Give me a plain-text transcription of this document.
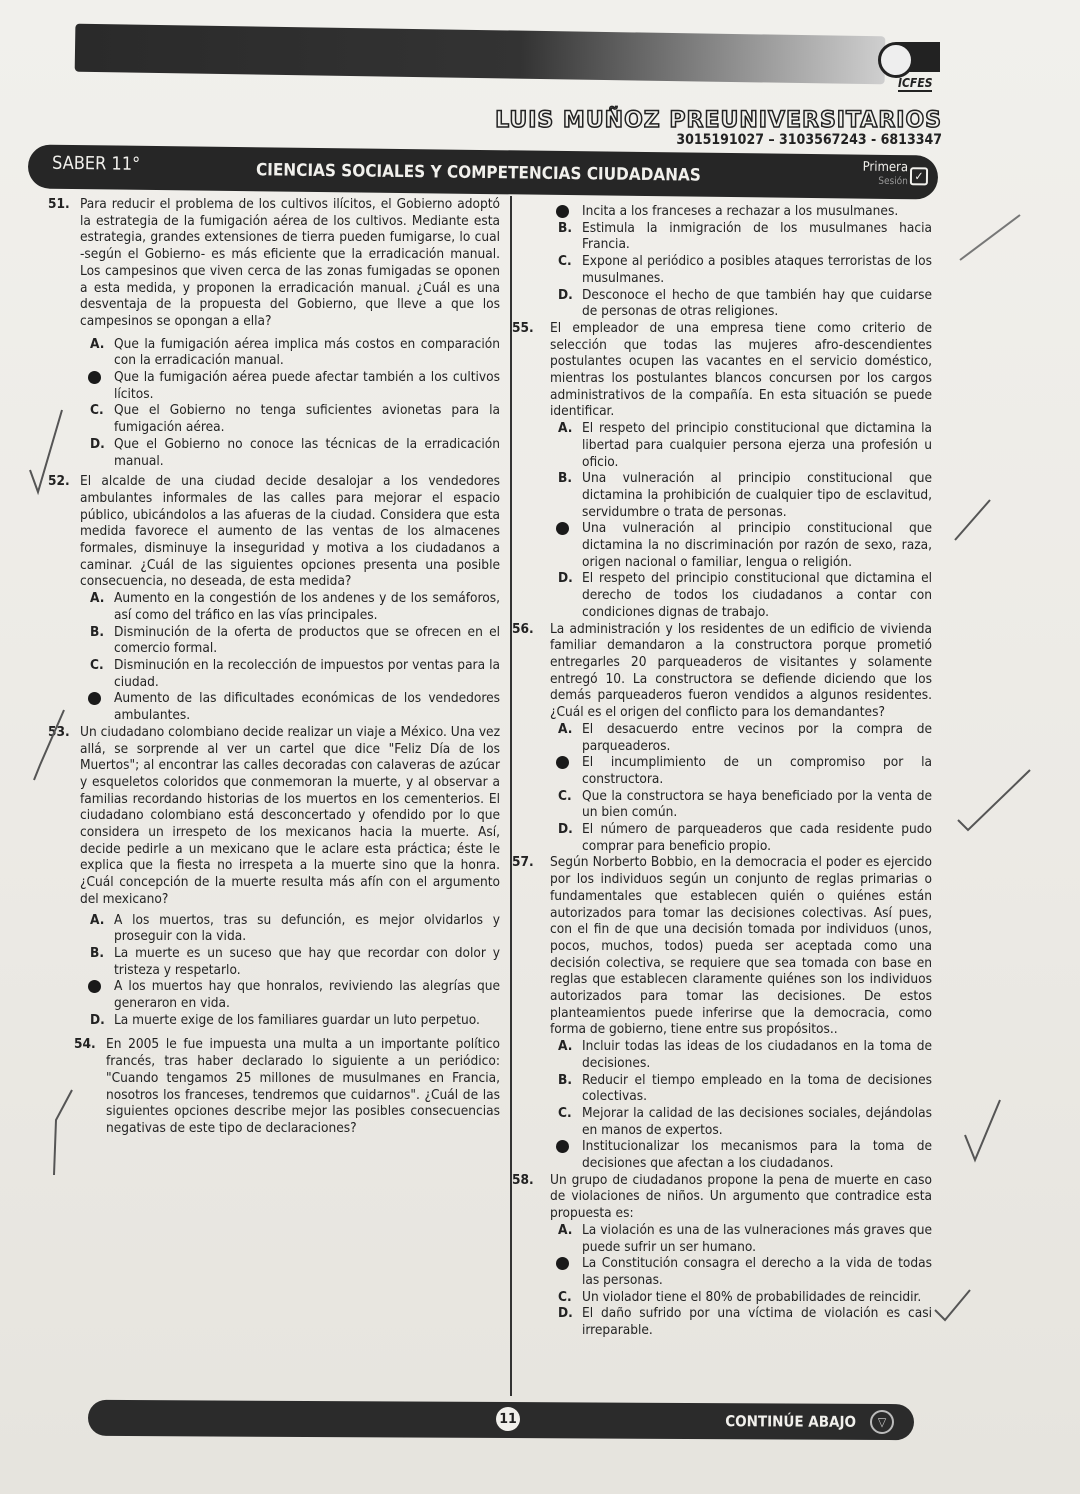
ICFES
LUIS MUÑOZ PREUNIVERSITARIOS
3015191027 – 3103567243 - 6813347
SABER 11°	CIENCIAS SOCIALES Y COMPETENCIAS CIUDADANAS	Primera
Sesión ✓
51. Para reducir el problema de los cultivos ilícitos, el Gobierno adoptó la estrategia de la fumigación aérea de los cultivos. Mediante esta estrategia, grandes extensiones de tierra pueden fumigarse, lo cual -según el Gobierno- es más eficiente que la erradicación manual. Los campesinos que viven cerca de las zonas fumigadas se oponen a esta medida, y proponen la erradicación manual. ¿Cuál es una desventaja de la propuesta del Gobierno, que lleve a que los campesinos se opongan a ella?
A. Que la fumigación aérea implica más costos en comparación con la erradicación manual.
Que la fumigación aérea puede afectar también a los cultivos lícitos.
C. Que el Gobierno no tenga suficientes avionetas para la fumigación aérea.
D. Que el Gobierno no conoce las técnicas de la erradicación manual.
52. El alcalde de una ciudad decide desalojar a los vendedores ambulantes informales de las calles para mejorar el espacio público, ubicándolos a las afueras de la ciudad. Considera que esta medida favorece el aumento de las ventas de los almacenes formales, disminuye la inseguridad y motiva a los ciudadanos a caminar. ¿Cuál de las siguientes opciones presenta una posible consecuencia, no deseada, de esta medida?
A. Aumento en la congestión de los andenes y de los semáforos, así como del tráfico en las vías principales.
B. Disminución de la oferta de productos que se ofrecen en el comercio formal.
C. Disminución en la recolección de impuestos por ventas para la ciudad.
Aumento de las dificultades económicas de los vendedores ambulantes.
53. Un ciudadano colombiano decide realizar un viaje a México. Una vez allá, se sorprende al ver un cartel que dice "Feliz Día de los Muertos"; al encontrar las calles decoradas con calaveras de azúcar y esqueletos coloridos que conmemoran la muerte, y al observar a familias recordando historias de los muertos en los cementerios. El ciudadano colombiano está desconcertado y ofendido por lo que considera un irrespeto de los mexicanos hacia la muerte. Así, decide pedirle a un mexicano que le aclare esta práctica; éste le explica que la fiesta no irrespeta a la muerte sino que la honra. ¿Cuál concepción de la muerte resulta más afín con el argumento del mexicano?
A. A los muertos, tras su defunción, es mejor olvidarlos y proseguir con la vida.
B. La muerte es un suceso que hay que recordar con dolor y tristeza y respetarlo.
A los muertos hay que honralos, reviviendo las alegrías que generaron en vida.
D. La muerte exige de los familiares guardar un luto perpetuo.
54. En 2005 le fue impuesta una multa a un importante político francés, tras haber declarado lo siguiente a un periódico: "Cuando tengamos 25 millones de musulmanes en Francia, nosotros los franceses, tendremos que cuidarnos". ¿Cuál de las siguientes opciones describe mejor las posibles consecuencias negativas de este tipo de declaraciones?
Incita a los franceses a rechazar a los musulmanes.
B. Estimula la inmigración de los musulmanes hacia Francia.
C. Expone al periódico a posibles ataques terroristas de los musulmanes.
D. Desconoce el hecho de que también hay que cuidarse de personas de otras religiones.
55. El empleador de una empresa tiene como criterio de selección que todas las mujeres afro-descendientes postulantes ocupen las vacantes en el servicio doméstico, mientras los postulantes blancos concursen por los cargos administrativos de la compañía. En esta situación se puede identificar.
A. El respeto del principio constitucional que dictamina la libertad para cualquier persona ejerza una profesión u oficio.
B. Una vulneración al principio constitucional que dictamina la prohibición de cualquier tipo de esclavitud, servidumbre o trata de personas.
Una vulneración al principio constitucional que dictamina la no discriminación por razón de sexo, raza, origen nacional o familiar, lengua o religión.
D. El respeto del principio constitucional que dictamina el derecho de todos los ciudadanos a contar con condiciones dignas de trabajo.
56. La administración y los residentes de un edificio de vivienda familiar demandaron a la constructora porque prometió entregarles 20 parqueaderos de visitantes y solamente entregó 10. La constructora se defiende diciendo que los demás parqueaderos fueron vendidos a algunos residentes. ¿Cuál es el origen del conflicto para los demandantes?
A. El desacuerdo entre vecinos por la compra de parqueaderos.
El incumplimiento de un compromiso por la constructora.
C. Que la constructora se haya beneficiado por la venta de un bien común.
D. El número de parqueaderos que cada residente pudo comprar para beneficio propio.
57. Según Norberto Bobbio, en la democracia el poder es ejercido por los individuos según un conjunto de reglas primarias o fundamentales que establecen quién o quiénes están autorizados para tomar las decisiones colectivas. Así pues, con el fin de que una decisión tomada por individuos (unos, pocos, muchos, todos) pueda ser aceptada como una decisión colectiva, se requiere que sea tomada con base en reglas que establecen claramente quiénes son los individuos autorizados para tomar las decisiones. De estos planteamientos puede inferirse que la democracia, como forma de gobierno, tiene entre sus propósitos..
A. Incluir todas las ideas de los ciudadanos en la toma de decisiones.
B. Reducir el tiempo empleado en la toma de decisiones colectivas.
C. Mejorar la calidad de las decisiones sociales, dejándolas en manos de expertos.
Institucionalizar los mecanismos para la toma de decisiones que afectan a los ciudadanos.
58. Un grupo de ciudadanos propone la pena de muerte en caso de violaciones de niños. Un argumento que contradice esta propuesta es:
A. La violación es una de las vulneraciones más graves que puede sufrir un ser humano.
La Constitución consagra el derecho a la vida de todas las personas.
C. Un violador tiene el 80% de probabilidades de reincidir.
D. El daño sufrido por una víctima de violación es casi irreparable.
11	CONTINÚE ABAJO	▽
